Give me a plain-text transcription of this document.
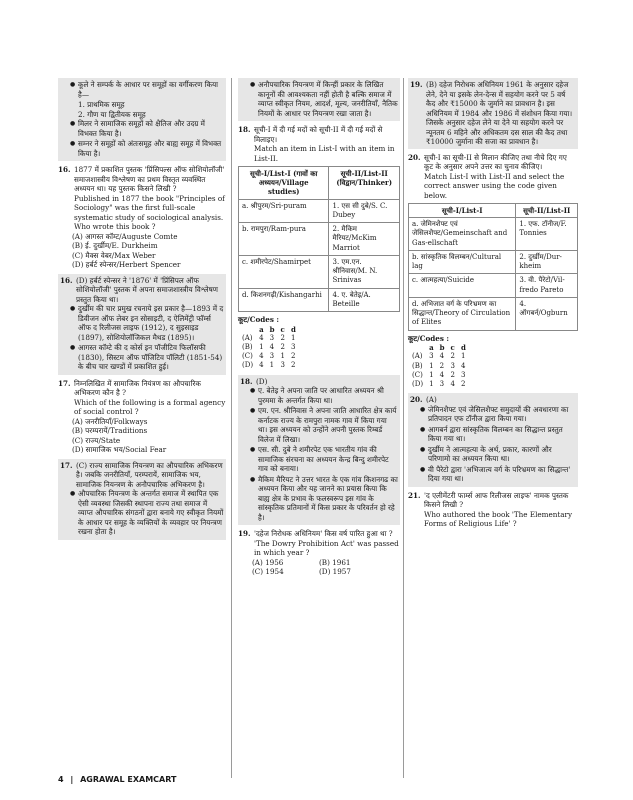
● कूले ने सम्पर्क के आधार पर समूहों का वर्गीकरण किया है—
1. प्राथमिक समूह
2. गौण या द्वितीयक समूह
● मिलर ने सामाजिक समूहों को क्षैतिज और उदग्र में विभक्त किया है।
● सम्नर ने समूहों को अंतःसमूह और बाह्य समूह में विभक्त किया है।
16. 1877 में प्रकाशित पुस्तक 'प्रिंसिपल्स ऑफ सोशियोलॉजी' समाजशास्त्रीय विश्लेषण का प्रथम विस्तृत व्यवस्थित अध्ययन था। यह पुस्तक किसने लिखी ?
Published in 1877 the book "Principles of Sociology" was the first full-scale systematic study of sociological analysis. Who wrote this book ?
(A) आगस्त कॉम्ट/Auguste Comte
(B) ई. दुर्खीम/E. Durkheim
(C) मैक्स वेबर/Max Weber
(D) हर्बर्ट स्पेन्सर/Herbert Spencer
16. (D) हर्बर्ट स्पेन्सर ने '1876' में 'प्रिंसिपल ऑफ सोशियोलॉजी' पुस्तक में अपना समाजशास्त्रीय विश्लेषण प्रस्तुत किया था।
● दुर्खीम की चार प्रमुख रचनाये इस प्रकार है—1893 में द डिवीजन ऑफ लेबर इन सोसाइटी, द ऐलिमेंट्री फॉर्म्स ऑफ द रिलीजस लाइफ (1912), द सुइसाइड (1897), सोशियोलॉजिकल मैथड (1895)।
● आगस्त कॉम्टे की द कोर्स इन पॉजीटिव फिलॉसफी (1830), सिस्टम ऑफ पॉजिटिव पॉलिटी (1851-54) के बीच चार खण्डों में प्रकाशित हुई।
17. निम्नलिखित में सामाजिक नियंत्रण का औपचारिक अभिकरण कौन है ?
Which of the following is a formal agency of social control ?
(A) जनरीतियाँ/Folkways
(B) परम्परायें/Traditions
(C) राज्य/State
(D) सामाजिक भय/Social Fear
17. (C) राज्य सामाजिक नियन्त्रण का औपचारिक अभिकरण है। जबकि जनरीतियाँ, परम्परायें, सामाजिक भय, सामाजिक नियन्त्रण के अनौपचारिक अभिकरण है।
● औपचारिक नियन्त्रण के अन्तर्गत समाज में स्थापित एक ऐसी व्यवस्था जिसकी स्थापना राज्य तथा समाज में व्याप्त औपचारिक संगठनों द्वारा बनाये गए स्वीकृत नियमों के आधार पर समूह के व्यक्तियों के व्यवहार पर नियन्त्रण रखना होता है।
● अनौपचारिक नियन्त्रण में किन्हीं प्रकार के लिखित कानूनों की आवश्यकता नहीं होती है बल्कि समाज में व्याप्त स्वीकृत नियम, आदर्श, मूल्य, जनरीतियाँ, नैतिक नियमों के आधार पर नियन्त्रण रखा जाता है।
18. सूची-I में दी गई मदों को सूची-II में दी गई मदों से मिलाइए।
Match an item in List-I with an item in List-II.
सूची-I/List-I (गावों का अध्ययन/Village studies)	सूची-II/List-II (विद्वान/Thinker)
a. श्रीपुरम/Sri-puram	1. एस सी दुबे/S. C. Dubey
b. रामपुरा/Ram-pura	2. मैकिम मैरियट/McKim Marriot
c. शमीरपेट/Shamirpet	3. एम.एन. श्रीनिवास/M. N. Srinivas
d. किशनगढ़ी/Kishangarhi	4. ए. बेतेइ/A. Beteille
कूट/Codes :
	a	b	c	d
(A)	4	3	2	1
(B)	1	4	2	3
(C)	4	3	1	2
(D)	4	1	3	2
18. (D)
● ए. बेतेइ ने अपना जाति पर आधारित अध्ययन श्री पुरममा के अन्तर्गत किया था।
● एम. एन. श्रीनिवास ने अपना जाति आधारित क्षेत्र कार्य कर्नाटक राज्य के रामपुरा नामक गाव में किया गया था। इस अध्ययन को उन्होंने अपनी पुस्तक रिम्बर्ड विलेज में लिखा।
● एस. सी. दुबे ने शमीरपेट एक भारतीय गांव की सामाजिक संरचना का अध्ययन केन्द्र बिन्दु शमीरपेट गाव को बनाया।
● मैकिम मैरियट ने उत्तर भारत के एक गांव किशनगढ का अध्ययन किया और यह जानने का प्रयास किया कि बाह्य क्षेत्र के प्रभाव के फलस्वरूप इस गांव के सांस्कृतिक प्रतिमानों में किस प्रकार के परिवर्तन हो रहे है।
19. 'दहेज निरोधक अधिनियम' किस वर्ष पारित हुआ था ?
'The Dowry Prohibition Act' was passed in which year ?
(A) 1956	(B) 1961
(C) 1954	(D) 1957
19. (B) दहेज निरोधक अधिनियम 1961 के अनुसार दहेज लेने, देने या इसके लेन-देन्स में सहयोग करने पर 5 वर्ष कैद और ₹15000 के जुर्माने का प्रावधान है। इस अधिनियम में 1984 और 1986 में संशोधन किया गया। जिसके अनुसार दहेज लेने या देने या सहयोग करने पर न्यूनतम 6 महिने और अधिकतम दस साल की कैद तथा ₹10000 जुर्माना की सजा का प्रावधान है।
20. सूची-I का सूची-II से मिलान कीजिए तथा नीचे दिए गए कूट के अनुसार अपने उत्तर का चुनाव कीजिए।
Match List-I with List-II and select the correct answer using the code given below.
सूची-I/List-I	सूची-II/List-II
a. जेमिनशैफ्ट एवं जेसिलशैफ्ट/Gemeinschaft and Gas-ellschaft	1. एफ. टॉनीज/F. Tonnies
b. सांस्कृतिक विलम्बन/Cultural lag	2. दुर्खीम/Dur-kheim
c. आत्महत्या/Suicide	3. वी. पैरेटो/Vil-fredo Pareto
d. अभिजात वर्ग के परिभ्रमण का सिद्धान्त/Theory of Circulation of Elites	4. ऑगबर्न/Ogburn
कूट/Codes :
	a	b	c	d
(A)	3	4	2	1
(B)	1	2	3	4
(C)	1	4	2	3
(D)	1	3	4	2
20. (A)
● जेमिनशैफ्ट एवं जेसिलशैफ्ट समुदायों की अवधारणा का प्रतिपादन एफ टॉनीज द्वारा किया गया।
● आगबर्न द्वारा सांस्कृतिक विलम्बन का सिद्धान्त प्रस्तुत किया गया था।
● दुर्खीम ने आत्महत्या के अर्थ, प्रकार, कारणों और परिणामो का अध्ययन किया था।
● वी पैरेटो द्वारा 'अभिजात्य वर्ग के परिभ्रमण का सिद्धान्त' दिया गया था।
21. 'द एलीमेंटरी फार्म्स आफ रिलीजस लाइफ' नामक पुस्तक किसने लिखी ?
Who authored the book 'The Elementary Forms of Religious Life' ?
4 | AGRAWAL EXAMCART
